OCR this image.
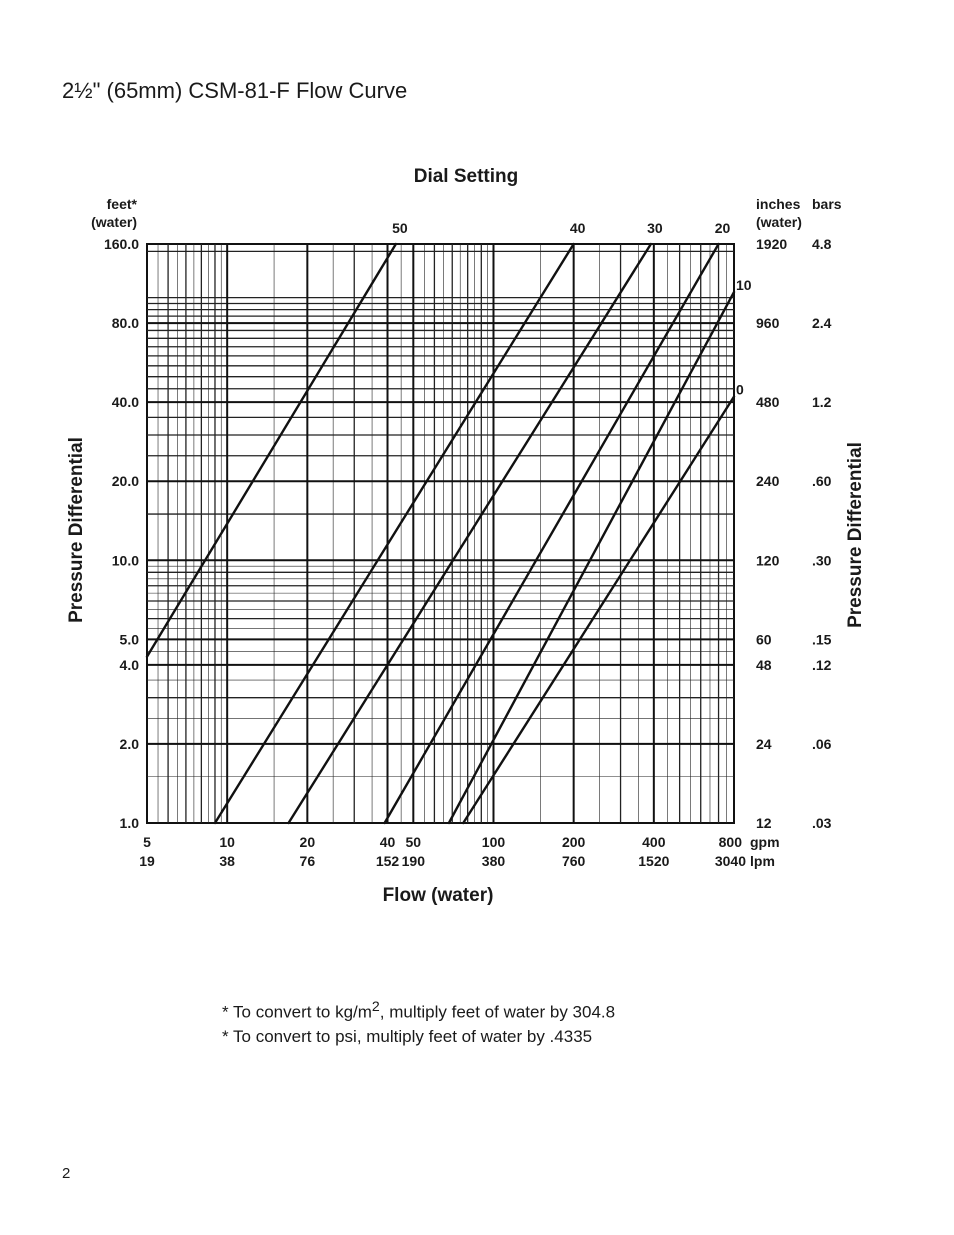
2½" (65mm) CSM-81-F Flow Curve
Dial Setting
feet*
(water)
inches
(water)
bars
Pressure Differential	Pressure Differential
Flow (water)
gpm
lpm
50	40	30	20
10
0
160.0	1920 4.8
80.0	960 2.4
40.0	480 1.2
20.0	240 .60
10.0	120 .30
5.0	60	.15
4.0	48	.12
2.0	24	.06
1.0	12	.03
5
19
10
38
20
76
40
152
50
190
100
380
200
760
400
1520
800
3040
* To convert to $kg/m^2$, multiply feet of water by 304.8
* To convert to psi, multiply feet of water by .4335
2
